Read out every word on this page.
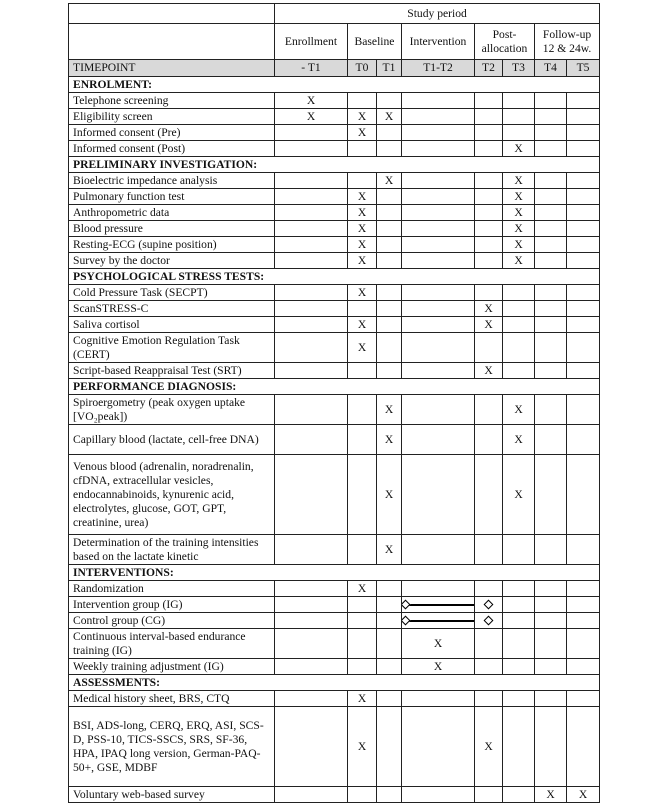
	Study period							
	Enrollment	Baseline		Intervention	Post-allocation		Follow-up 12 & 24w.	
TIMEPOINT	- T1	T0	T1	T1-T2	T2	T3	T4	T5
ENROLMENT:								
Telephone screening	X							
Eligibility screen	X	X	X					
Informed consent (Pre)		X						
Informed consent (Post)						X		
PRELIMINARY INVESTIGATION:								
Bioelectric impedance analysis			X			X		
Pulmonary function test		X				X		
Anthropometric data		X				X		
Blood pressure		X				X		
Resting-ECG (supine position)		X				X		
Survey by the doctor		X				X		
PSYCHOLOGICAL STRESS TESTS:								
Cold Pressure Task (SECPT)		X						
ScanSTRESS-C					X			
Saliva cortisol		X			X			
Cognitive Emotion Regulation Task (CERT)		X						
Script-based Reappraisal Test (SRT)					X			
PERFORMANCE DIAGNOSIS:								
Spiroergometry (peak oxygen uptake [VO₂peak])			X			X		
Capillary blood (lactate, cell-free DNA)			X			X		
Venous blood (adrenalin, noradrenalin, cfDNA, extracellular vesicles, endocannabinoids, kynurenic acid, electrolytes, glucose, GOT, GPT, creatinine, urea)			X			X		
Determination of the training intensities based on the lactate kinetic			X					
INTERVENTIONS:								
Randomization		X						
Intervention group (IG)				

Control group (CG)				

Continuous interval-based endurance training (IG)				X				
Weekly training adjustment (IG)				X				
ASSESSMENTS:								
Medical history sheet, BRS, CTQ		X						
BSI, ADS-long, CERQ, ERQ, ASI, SCS-D, PSS-10, TICS-SSCS, SRS, SF-36, HPA, IPAQ long version, German-PAQ-50+, GSE, MDBF		X			X			
Voluntary web-based survey							X	X
